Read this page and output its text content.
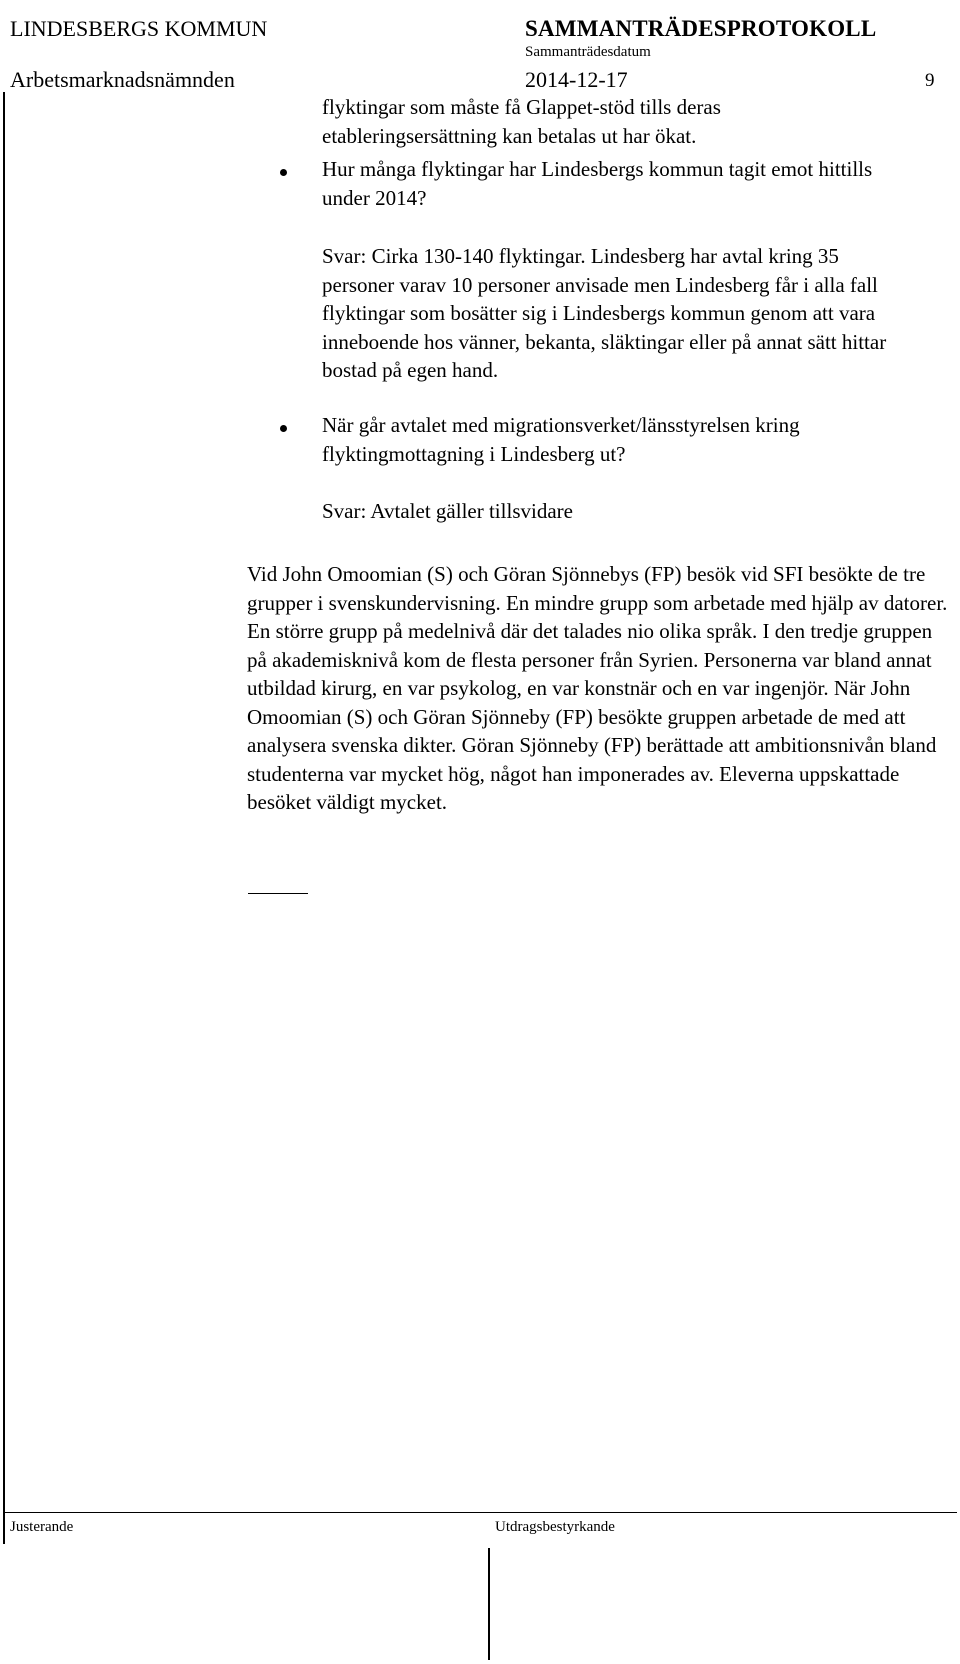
LINDESBERGS KOMMUN	SAMMANTRÄDESPROTOKOLL
Sammanträdesdatum
Arbetsmarknadsnämnden	2014-12-17	9
flyktingar som måste få Glappet-stöd tills deras etableringsersättning kan betalas ut har ökat.
Hur många flyktingar har Lindesbergs kommun tagit emot hittills under 2014?
Svar: Cirka 130-140 flyktingar. Lindesberg har avtal kring 35 personer varav 10 personer anvisade men Lindesberg får i alla fall flyktingar som bosätter sig i Lindesbergs kommun genom att vara inneboende hos vänner, bekanta, släktingar eller på annat sätt hittar bostad på egen hand.
När går avtalet med migrationsverket/länsstyrelsen kring flyktingmottagning i Lindesberg ut?
Svar: Avtalet gäller tillsvidare
Vid John Omoomian (S) och Göran Sjönnebys (FP) besök vid SFI besökte de tre grupper i svenskundervisning. En mindre grupp som arbetade med hjälp av datorer. En större grupp på medelnivå där det talades nio olika språk. I den tredje gruppen på akademisknivå kom de flesta personer från Syrien. Personerna var bland annat utbildad kirurg, en var psykolog, en var konstnär och en var ingenjör. När John Omoomian (S) och Göran Sjönneby (FP) besökte gruppen arbetade de med att analysera svenska dikter. Göran Sjönneby (FP) berättade att ambitionsnivån bland studenterna var mycket hög, något han imponerades av. Eleverna uppskattade besöket väldigt mycket.
Justerande	Utdragsbestyrkande
